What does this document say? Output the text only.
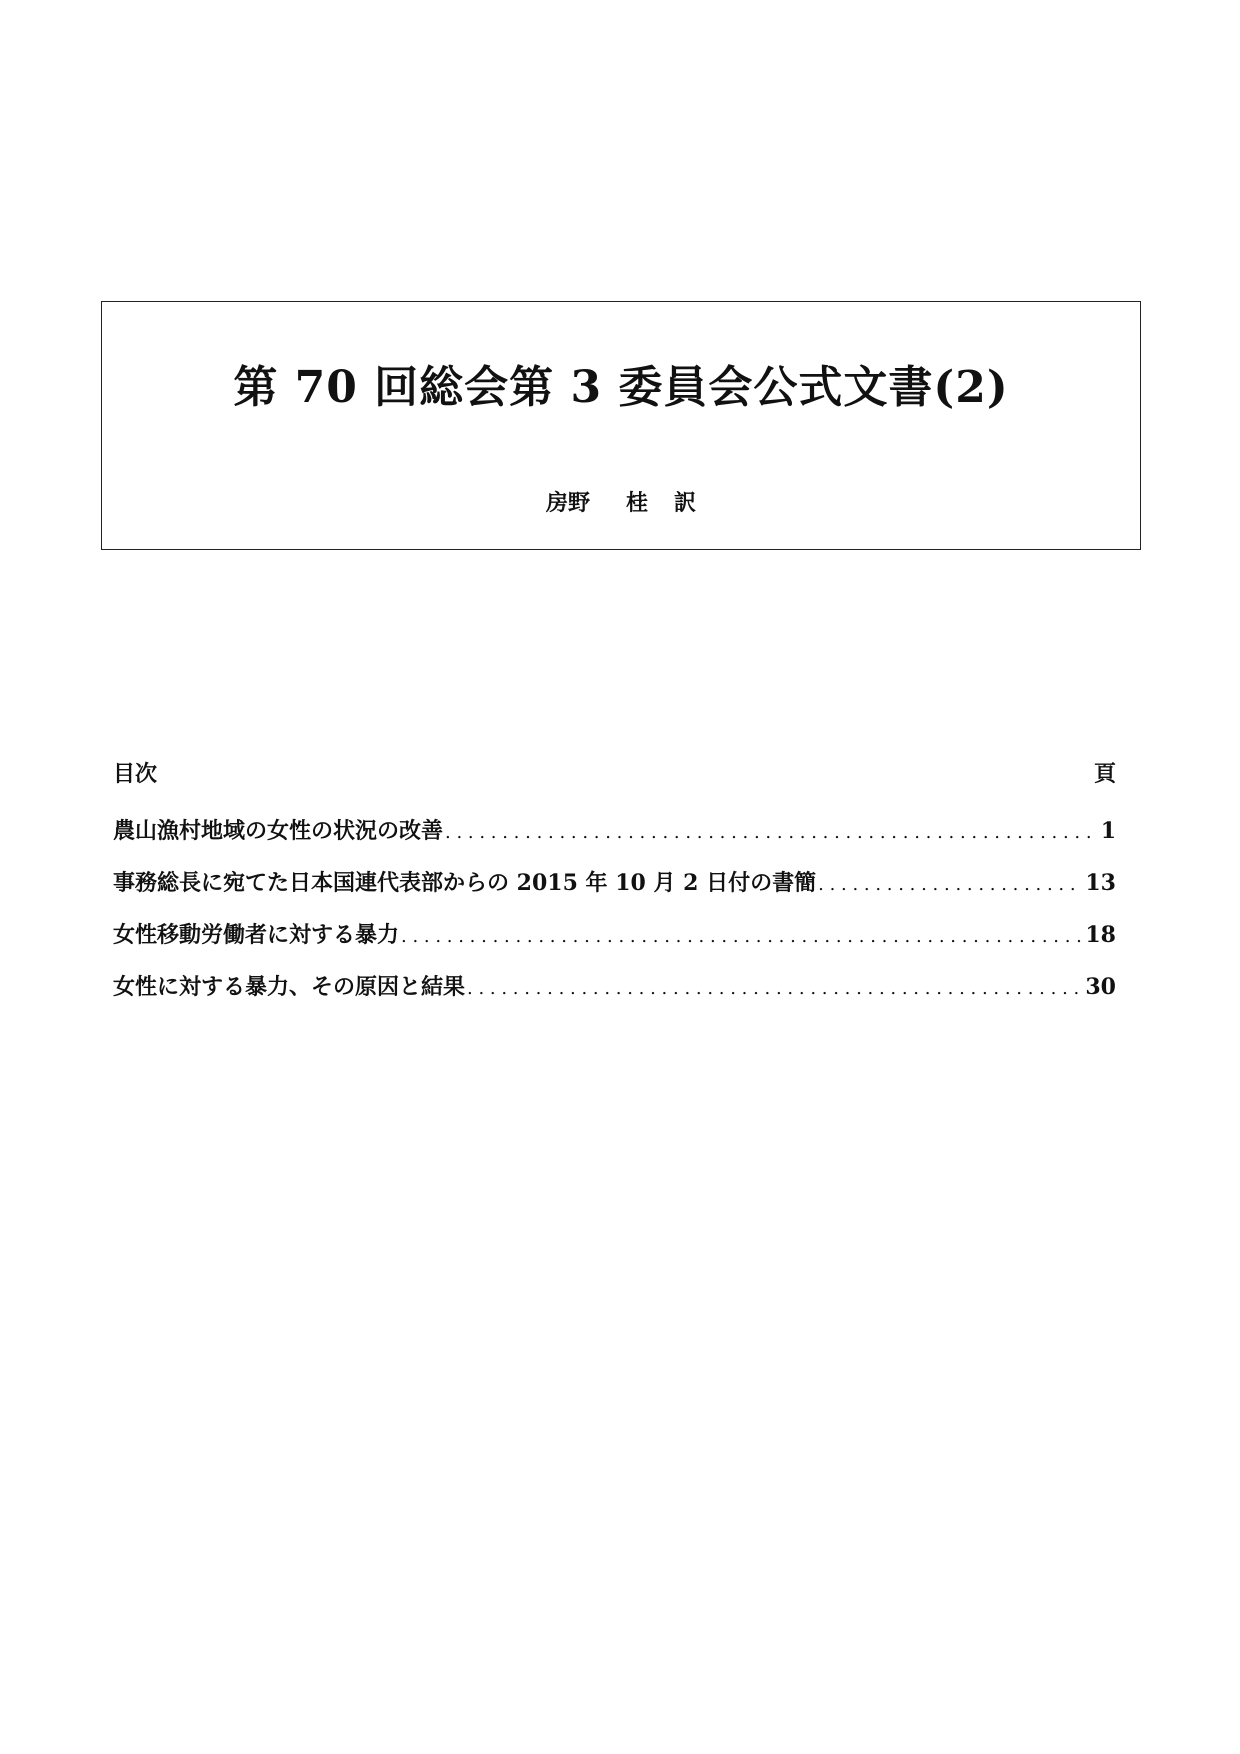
第 70 回総会第 3 委員会公式文書(2)
房野 桂 訳
目次	頁
農山漁村地域の女性の状況の改善 . . .	1
事務総長に宛てた日本国連代表部からの 2015 年 10 月 2 日付の書簡 . . .	13
女性移動労働者に対する暴力 . . .	18
女性に対する暴力、その原因と結果 . . .	30
